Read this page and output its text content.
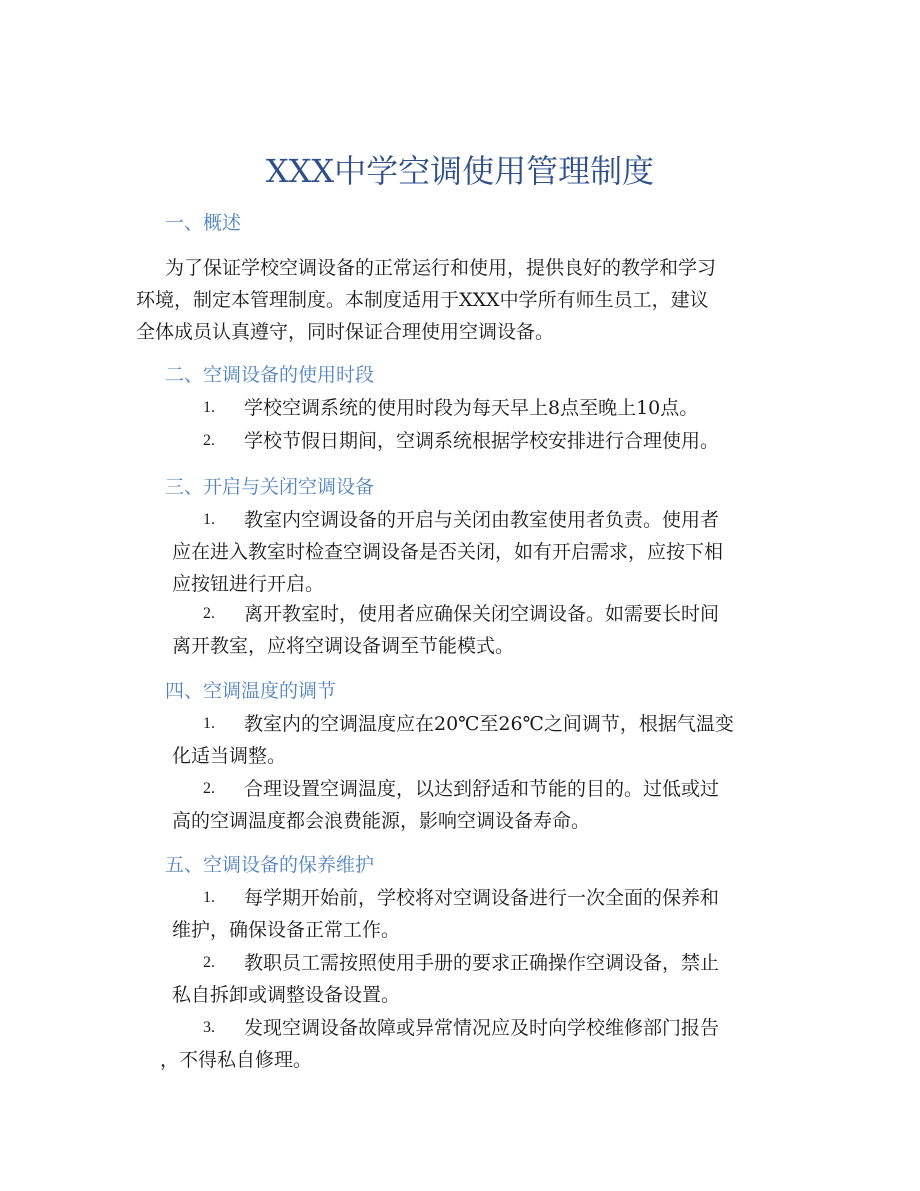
XXX中学空调使用管理制度
一、概述
为了保证学校空调设备的正常运行和使用，提供良好的教学和学习
环境，制定本管理制度。本制度适用于XXX中学所有师生员工，建议
全体成员认真遵守，同时保证合理使用空调设备。
二、空调设备的使用时段
1. 学校空调系统的使用时段为每天早上8点至晚上10点。
2. 学校节假日期间，空调系统根据学校安排进行合理使用。
三、开启与关闭空调设备
1. 教室内空调设备的开启与关闭由教室使用者负责。使用者
应在进入教室时检查空调设备是否关闭，如有开启需求，应按下相
应按钮进行开启。
2. 离开教室时，使用者应确保关闭空调设备。如需要长时间
离开教室，应将空调设备调至节能模式。
四、空调温度的调节
1. 教室内的空调温度应在20℃至26℃之间调节，根据气温变
化适当调整。
2. 合理设置空调温度，以达到舒适和节能的目的。过低或过
高的空调温度都会浪费能源，影响空调设备寿命。
五、空调设备的保养维护
1. 每学期开始前，学校将对空调设备进行一次全面的保养和
维护，确保设备正常工作。
2. 教职员工需按照使用手册的要求正确操作空调设备，禁止
私自拆卸或调整设备设置。
3. 发现空调设备故障或异常情况应及时向学校维修部门报告
，不得私自修理。
